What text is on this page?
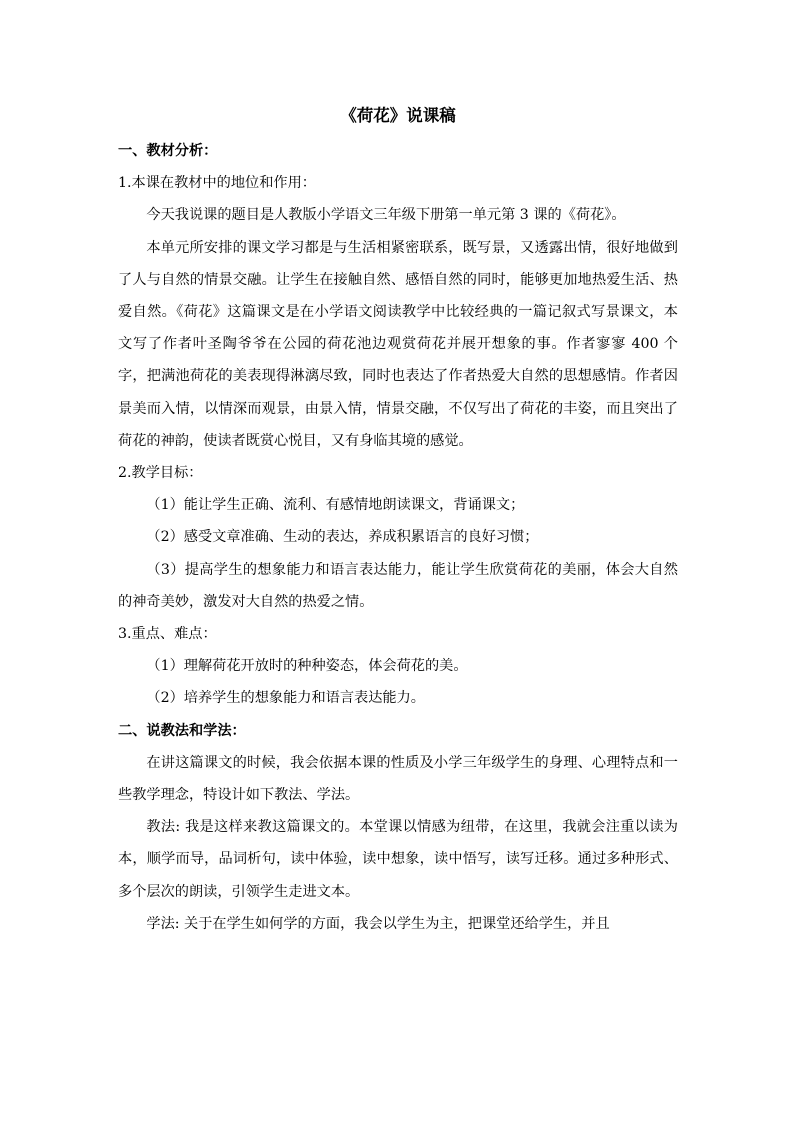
《荷花》说课稿

一、教材分析：

1.本课在教材中的地位和作用：

今天我说课的题目是人教版小学语文三年级下册第一单元第 3 课的《荷花》。

本单元所安排的课文学习都是与生活相紧密联系，既写景，又透露出情，很好地做到了人与自然的情景交融。让学生在接触自然、感悟自然的同时，能够更加地热爱生活、热爱自然。《荷花》这篇课文是在小学语文阅读教学中比较经典的一篇记叙式写景课文，本文写了作者叶圣陶爷爷在公园的荷花池边观赏荷花并展开想象的事。作者寥寥 400 个字，把满池荷花的美表现得淋漓尽致，同时也表达了作者热爱大自然的思想感情。作者因景美而入情，以情深而观景，由景入情，情景交融，不仅写出了荷花的丰姿，而且突出了荷花的神韵，使读者既赏心悦目，又有身临其境的感觉。

2.教学目标：

（1）能让学生正确、流利、有感情地朗读课文，背诵课文；

（2）感受文章准确、生动的表达，养成积累语言的良好习惯；

（3）提高学生的想象能力和语言表达能力，能让学生欣赏荷花的美丽，体会大自然的神奇美妙，激发对大自然的热爱之情。

3.重点、难点：

（1）理解荷花开放时的种种姿态，体会荷花的美。

（2）培养学生的想象能力和语言表达能力。

二、说教法和学法：

在讲这篇课文的时候，我会依据本课的性质及小学三年级学生的身理、心理特点和一些教学理念，特设计如下教法、学法。

教法: 我是这样来教这篇课文的。本堂课以情感为纽带，在这里，我就会注重以读为本，顺学而导，品词析句，读中体验，读中想象，读中悟写，读写迁移。通过多种形式、多个层次的朗读，引领学生走进文本。

学法: 关于在学生如何学的方面，我会以学生为主，把课堂还给学生，并且
